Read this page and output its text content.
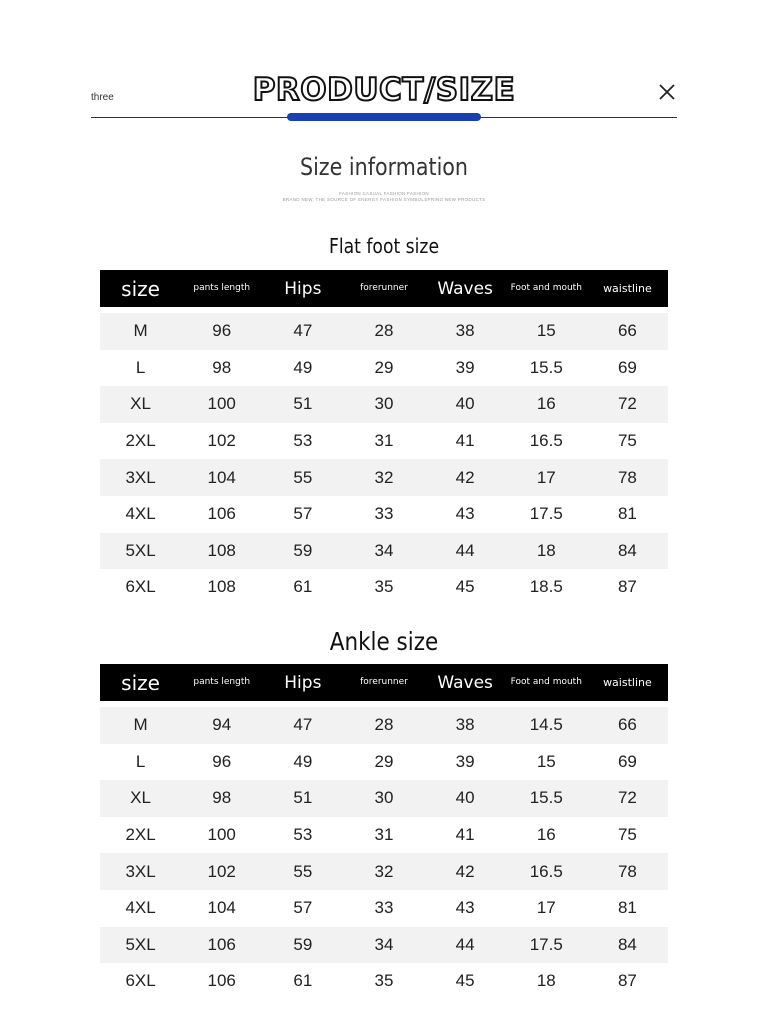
three	PRODUCT/SIZE
Size information
FASHION CASUAL FASHION FASHION
BRAND NEW, THE SOURCE OF ENERGY FASHION SYMBOLSPRING NEW PRODUCTS
Flat foot size
size	pants length	Hips	forerunner	Waves	Foot and mouth	waistline
M	96	47	28	38	15	66
L	98	49	29	39	15.5	69
XL	100	51	30	40	16	72
2XL	102	53	31	41	16.5	75
3XL	104	55	32	42	17	78
4XL	106	57	33	43	17.5	81
5XL	108	59	34	44	18	84
6XL	108	61	35	45	18.5	87
Ankle size
size	pants length	Hips	forerunner	Waves	Foot and mouth	waistline
M	94	47	28	38	14.5	66
L	96	49	29	39	15	69
XL	98	51	30	40	15.5	72
2XL	100	53	31	41	16	75
3XL	102	55	32	42	16.5	78
4XL	104	57	33	43	17	81
5XL	106	59	34	44	17.5	84
6XL	106	61	35	45	18	87
